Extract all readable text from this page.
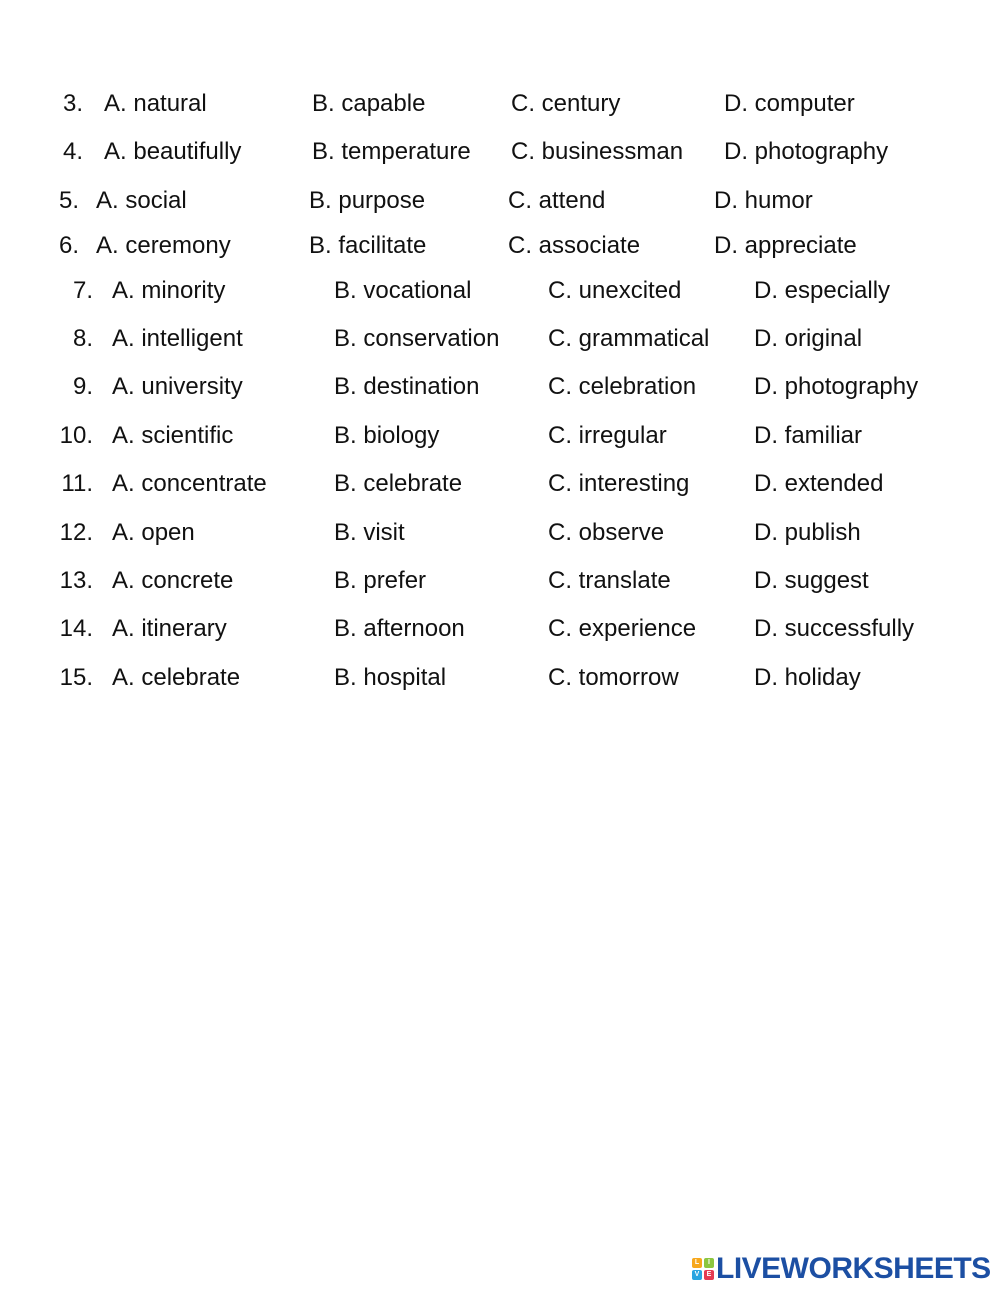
3. A. natural	B. capable	C. century	D. computer
4. A. beautifully	B. temperature C. businessman D. photography
5. A. social	B. purpose	C. attend	D. humor
6. A. ceremony	B. facilitate	C. associate	D. appreciate
7. A. minority	B. vocational	C. unexcited	D. especially
8. A. intelligent	B. conservation C. grammatical D. original
9. A. university	B. destination	C. celebration D. photography
10. A. scientific	B. biology	C. irregular	D. familiar
11. A. concentrate	B. celebrate	C. interesting	D. extended
12. A. open	B. visit	C. observe	D. publish
13. A. concrete	B. prefer	C. translate	D. suggest
14. A. itinerary	B. afternoon	C. experience D. successfully
15. A. celebrate	B. hospital	C. tomorrow	D. holiday
L	I
V	E LIVEWORKSHEETS
